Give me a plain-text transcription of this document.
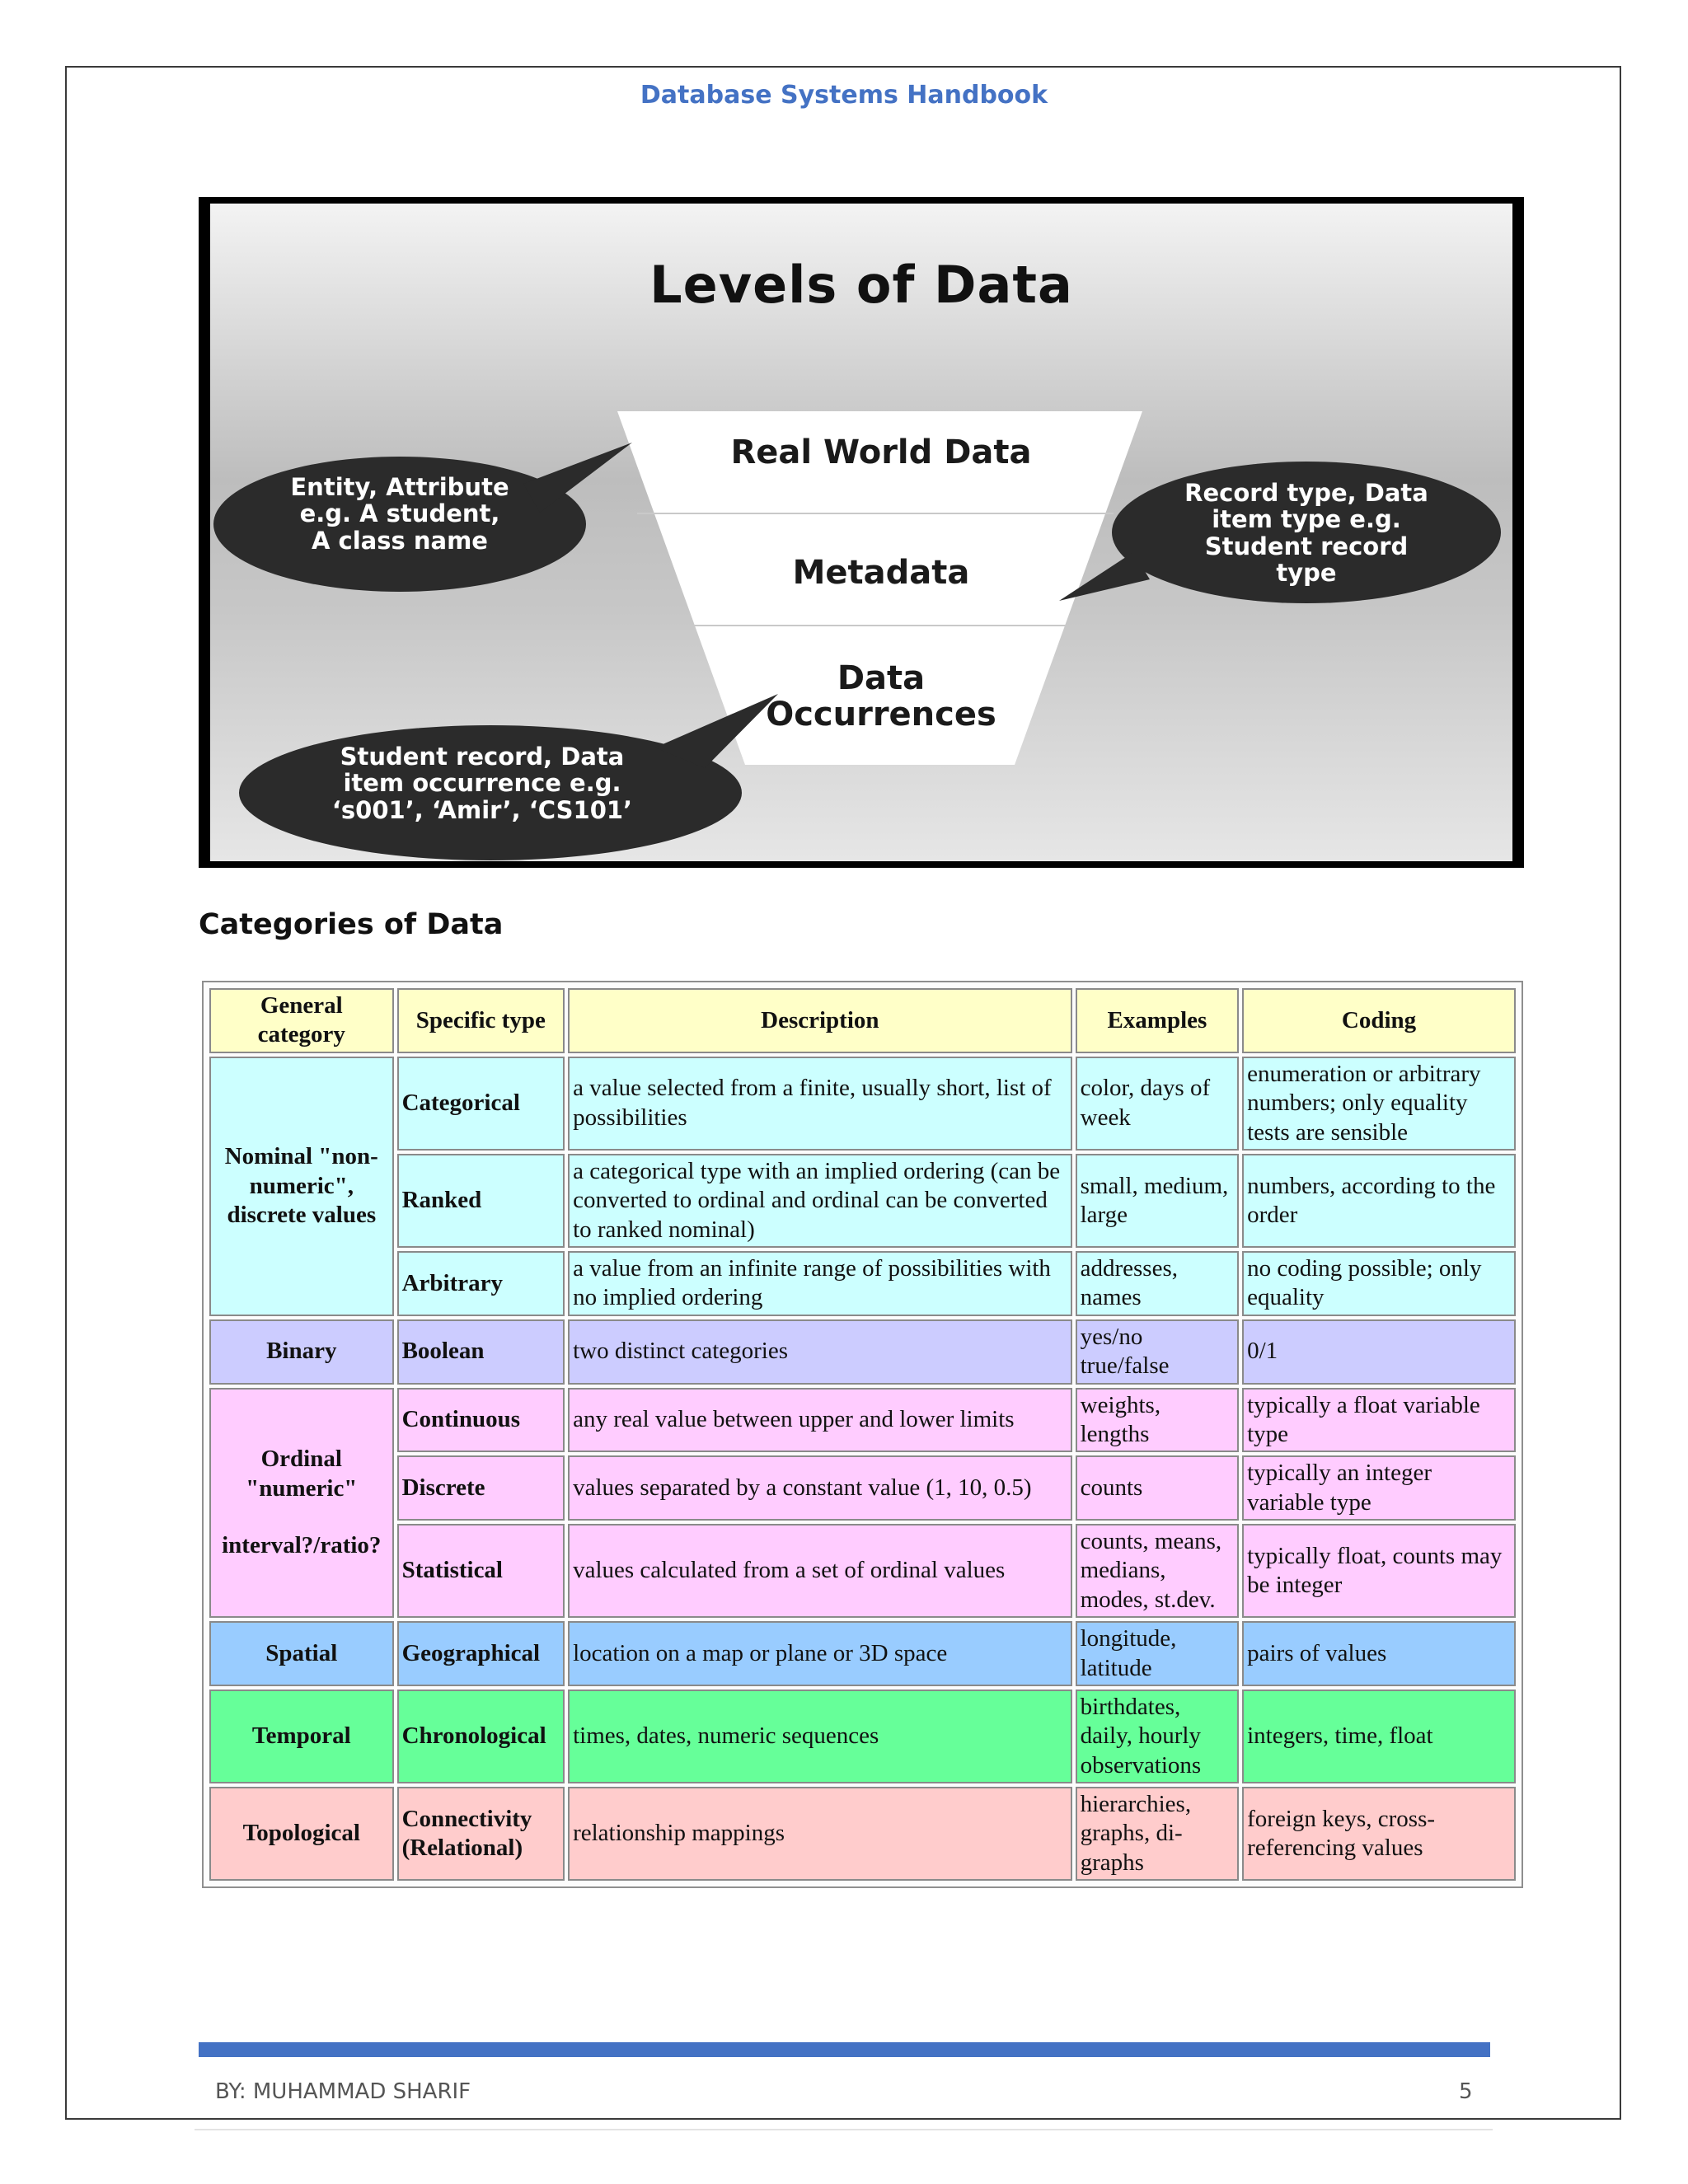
Database Systems Handbook
Levels of Data
Real World Data
Metadata
Data
Occurrences
Entity, Attribute
e.g. A student,
A class name
Record type, Data
item type e.g.
Student record
type
Student record, Data
item occurrence e.g.
‘s001’, ‘Amir’, ‘CS101’
Categories of Data
General category	Specific type	Description	Examples	Coding
Nominal "non-numeric", discrete values	Categorical	a value selected from a finite, usually short, list of possibilities	color, days of week	enumeration or arbitrary numbers; only equality tests are sensible
	Ranked	a categorical type with an implied ordering (can be converted to ordinal and ordinal can be converted to ranked nominal)	small, medium, large	numbers, according to the order
	Arbitrary	a value from an infinite range of possibilities with no implied ordering	addresses, names	no coding possible; only equality
Binary	Boolean	two distinct categories	yes/no true/false	0/1

Ordinal "numeric"
interval?/ratio?	Continuous	any real value between upper and lower limits	weights, lengths	typically a float variable type
	Discrete	values separated by a constant value (1, 10, 0.5)	counts	typically an integer variable type
	Statistical	values calculated from a set of ordinal values	counts, means, medians, modes, st.dev.	typically float, counts may be integer
Spatial	Geographical	location on a map or plane or 3D space	longitude, latitude	pairs of values
Temporal	Chronological	times, dates, numeric sequences	birthdates, daily, hourly observations	integers, time, float
Topological	Connectivity (Relational)	relationship mappings	hierarchies, graphs, di-graphs	foreign keys, cross-referencing values
BY: MUHAMMAD SHARIF	5
